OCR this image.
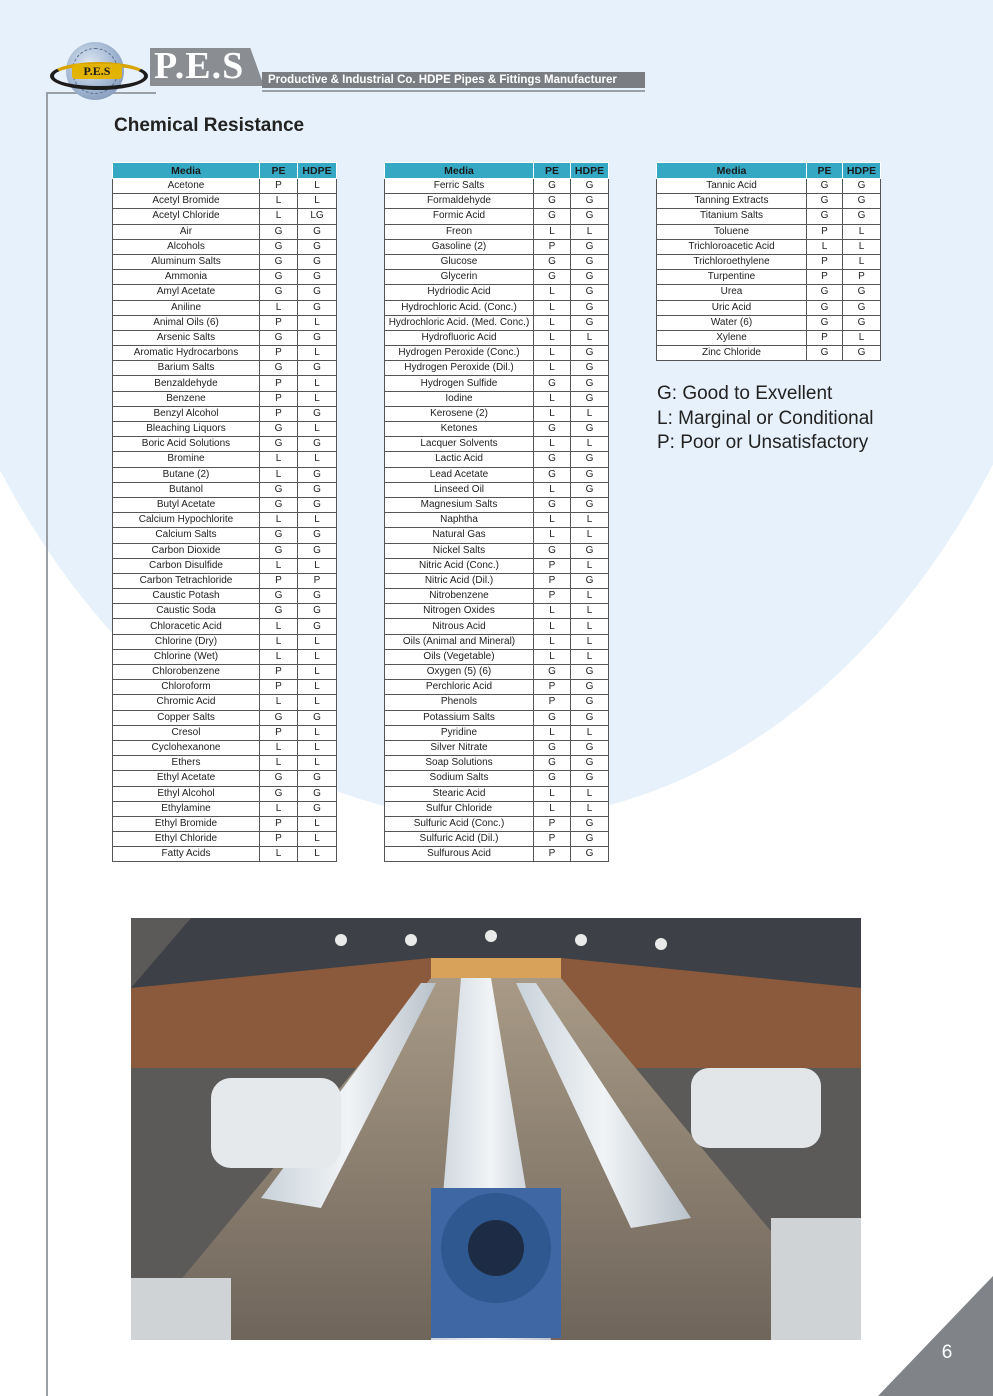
P.E.S	P.E.S	Productive & Industrial Co. HDPE Pipes & Fittings Manufacturer
Chemical Resistance
Media	PE	HDPE
Acetone	P	L
Acetyl Bromide	L	L
Acetyl Chloride	L	LG
Air	G	G
Alcohols	G	G
Aluminum Salts	G	G
Ammonia	G	G
Amyl Acetate	G	G
Aniline	L	G
Animal Oils (6)	P	L
Arsenic Salts	G	G
Aromatic Hydrocarbons	P	L
Barium Salts	G	G
Benzaldehyde	P	L
Benzene	P	L
Benzyl Alcohol	P	G
Bleaching Liquors	G	L
Boric Acid Solutions	G	G
Bromine	L	L
Butane (2)	L	G
Butanol	G	G
Butyl Acetate	G	G
Calcium Hypochlorite	L	L
Calcium Salts	G	G
Carbon Dioxide	G	G
Carbon Disulfide	L	L
Carbon Tetrachloride	P	P
Caustic Potash	G	G
Caustic Soda	G	G
Chloracetic Acid	L	G
Chlorine (Dry)	L	L
Chlorine (Wet)	L	L
Chlorobenzene	P	L
Chloroform	P	L
Chromic Acid	L	L
Copper Salts	G	G
Cresol	P	L
Cyclohexanone	L	L
Ethers	L	L
Ethyl Acetate	G	G
Ethyl Alcohol	G	G
Ethylamine	L	G
Ethyl Bromide	P	L
Ethyl Chloride	P	L
Fatty Acids	L	L
Media	PE	HDPE
Ferric Salts	G	G
Formaldehyde	G	G
Formic Acid	G	G
Freon	L	L
Gasoline (2)	P	G
Glucose	G	G
Glycerin	G	G
Hydriodic Acid	L	G
Hydrochloric Acid. (Conc.)	L	G
Hydrochloric Acid. (Med. Conc.)	L	G
Hydrofluoric Acid	L	L
Hydrogen Peroxide (Conc.)	L	G
Hydrogen Peroxide (Dil.)	L	G
Hydrogen Sulfide	G	G
Iodine	L	G
Kerosene (2)	L	L
Ketones	G	G
Lacquer Solvents	L	L
Lactic Acid	G	G
Lead Acetate	G	G
Linseed Oil	L	G
Magnesium Salts	G	G
Naphtha	L	L
Natural Gas	L	L
Nickel Salts	G	G
Nitric Acid (Conc.)	P	L
Nitric Acid (Dil.)	P	G
Nitrobenzene	P	L
Nitrogen Oxides	L	L
Nitrous Acid	L	L
Oils (Animal and Mineral)	L	L
Oils (Vegetable)	L	L
Oxygen (5) (6)	G	G
Perchloric Acid	P	G
Phenols	P	G
Potassium Salts	G	G
Pyridine	L	L
Silver Nitrate	G	G
Soap Solutions	G	G
Sodium Salts	G	G
Stearic Acid	L	L
Sulfur Chloride	L	L
Sulfuric Acid (Conc.)	P	G
Sulfuric Acid (Dil.)	P	G
Sulfurous Acid	P	G
Media	PE	HDPE
Tannic Acid	G	G
Tanning Extracts	G	G
Titanium Salts	G	G
Toluene	P	L
Trichloroacetic Acid	L	L
Trichloroethylene	P	L
Turpentine	P	P
Urea	G	G
Uric Acid	G	G
Water (6)	G	G
Xylene	P	L
Zinc Chloride	G	G
G: Good to Exvellent
L: Marginal or Conditional
P: Poor or Unsatisfactory
6
